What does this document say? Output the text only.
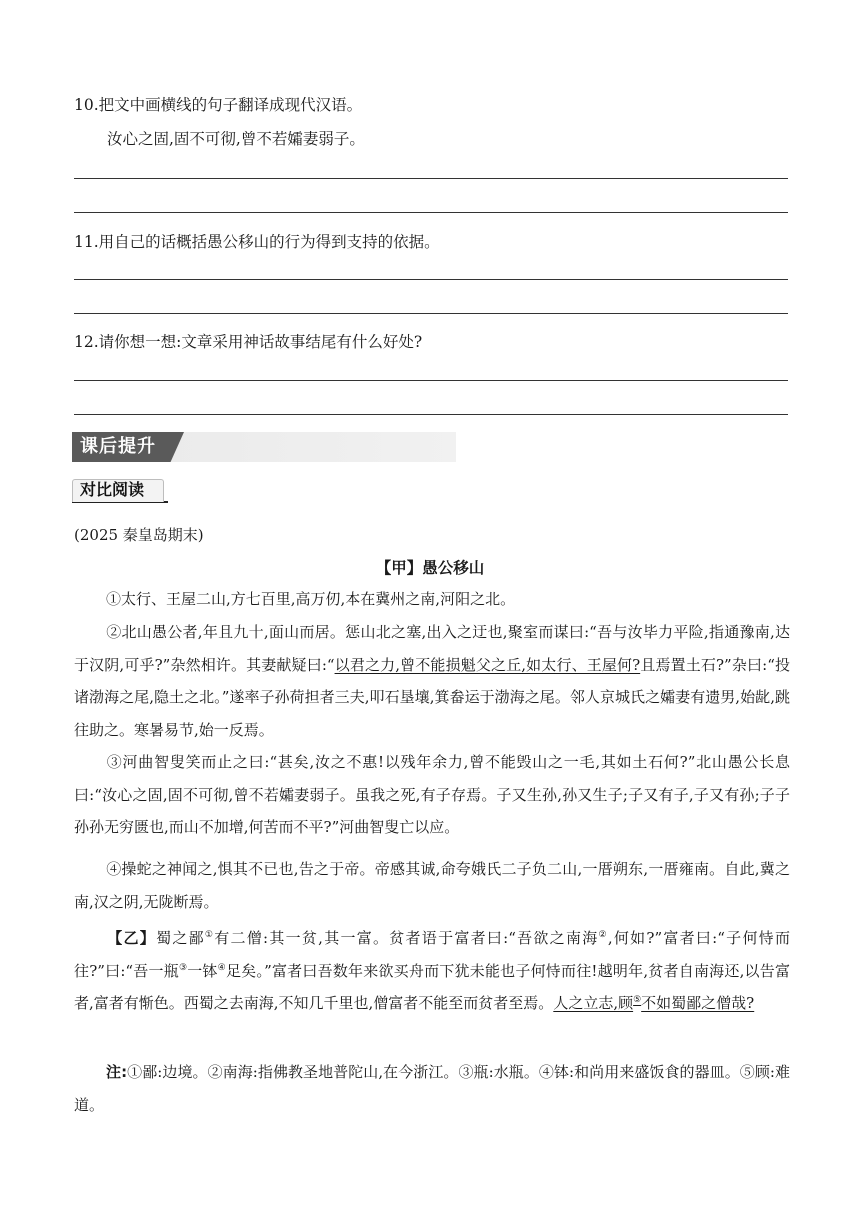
10.把文中画横线的句子翻译成现代汉语。
汝心之固,固不可彻,曾不若孀妻弱子。
11.用自己的话概括愚公移山的行为得到支持的依据。
12.请你想一想:文章采用神话故事结尾有什么好处?
课后提升
对比阅读
(2025 秦皇岛期末)
【甲】愚公移山
①太行、王屋二山,方七百里,高万仞,本在冀州之南,河阳之北。
②北山愚公者,年且九十,面山而居。惩山北之塞,出入之迂也,聚室而谋曰:“吾与汝毕力平险,指通豫南,达于汉阴,可乎?”杂然相许。其妻献疑曰:“以君之力,曾不能损魁父之丘,如太行、王屋何?且焉置土石?”杂曰:“投诸渤海之尾,隐土之北。”遂率子孙荷担者三夫,叩石垦壤,箕畚运于渤海之尾。邻人京城氏之孀妻有遗男,始龀,跳往助之。寒暑易节,始一反焉。
③河曲智叟笑而止之曰:“甚矣,汝之不惠!以残年余力,曾不能毁山之一毛,其如土石何?”北山愚公长息曰:“汝心之固,固不可彻,曾不若孀妻弱子。虽我之死,有子存焉。子又生孙,孙又生子;子又有子,子又有孙;子子孙孙无穷匮也,而山不加增,何苦而不平?”河曲智叟亡以应。
④操蛇之神闻之,惧其不已也,告之于帝。帝感其诚,命夸娥氏二子负二山,一厝朔东,一厝雍南。自此,冀之南,汉之阴,无陇断焉。
【乙】蜀之鄙①有二僧:其一贫,其一富。贫者语于富者曰:“吾欲之南海②,何如?”富者曰:“子何恃而往?”曰:“吾一瓶③一钵④足矣。”富者曰吾数年来欲买舟而下犹未能也子何恃而往!越明年,贫者自南海还,以告富者,富者有惭色。西蜀之去南海,不知几千里也,僧富者不能至而贫者至焉。人之立志,顾⑤不如蜀鄙之僧哉?
注:①鄙:边境。②南海:指佛教圣地普陀山,在今浙江。③瓶:水瓶。④钵:和尚用来盛饭食的器皿。⑤顾:难道。
